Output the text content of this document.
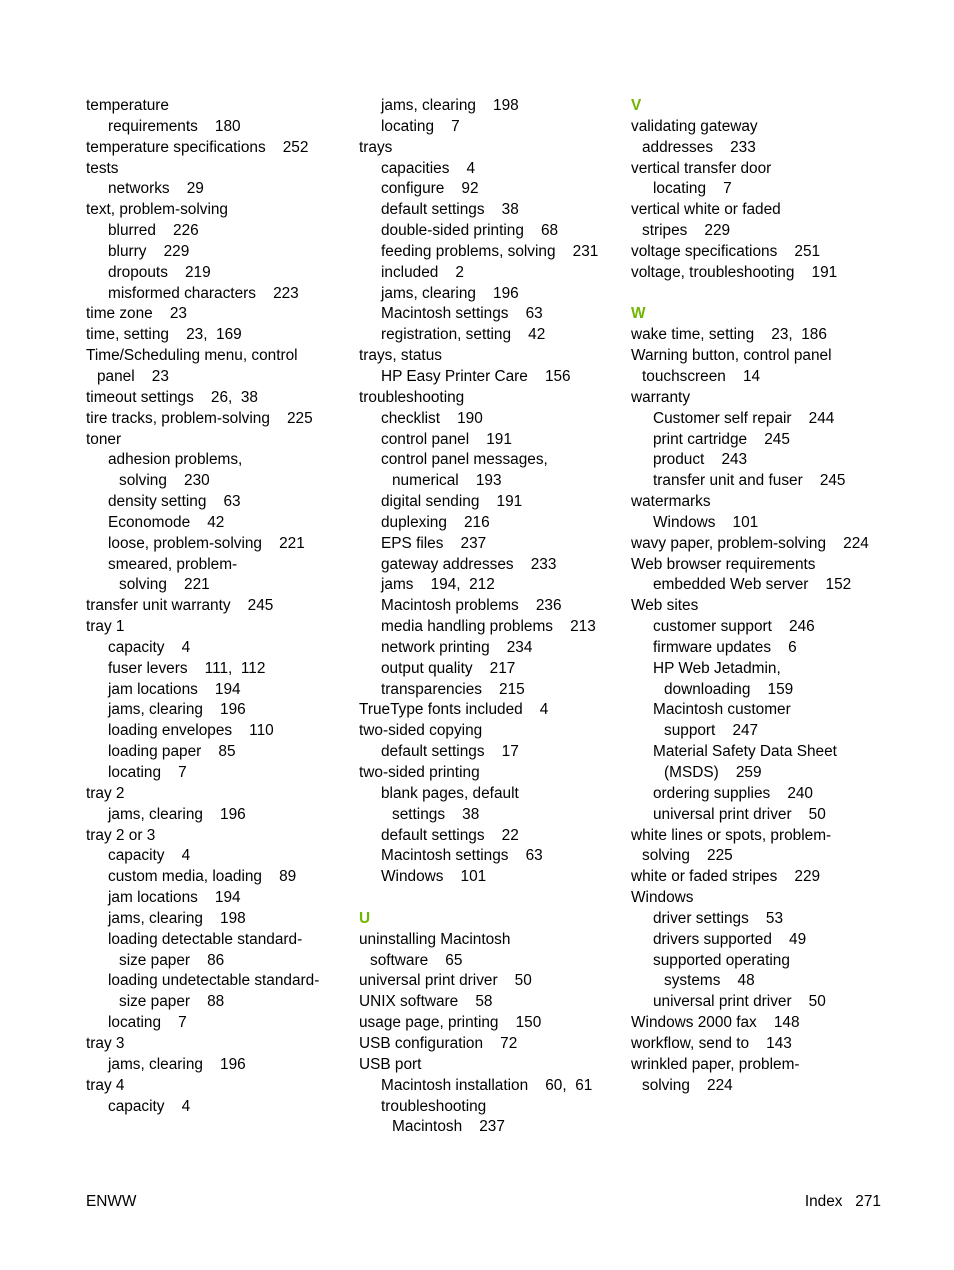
temperature
requirements    180
temperature specifications    252
tests
networks    29
text, problem-solving
blurred    226
blurry    229
dropouts    219
misformed characters    223
time zone    23
time, setting    23,  169
Time/Scheduling menu, control
panel    23
timeout settings    26,  38
tire tracks, problem-solving    225
toner
adhesion problems,
solving    230
density setting    63
Economode    42
loose, problem-solving    221
smeared, problem-
solving    221
transfer unit warranty    245
tray 1
capacity    4
fuser levers    111,  112
jam locations    194
jams, clearing    196
loading envelopes    110
loading paper    85
locating    7
tray 2
jams, clearing    196
tray 2 or 3
capacity    4
custom media, loading    89
jam locations    194
jams, clearing    198
loading detectable standard-
size paper    86
loading undetectable standard-
size paper    88
locating    7
tray 3
jams, clearing    196
tray 4
capacity    4
jams, clearing    198
locating    7
trays
capacities    4
configure    92
default settings    38
double-sided printing    68
feeding problems, solving    231
included    2
jams, clearing    196
Macintosh settings    63
registration, setting    42
trays, status
HP Easy Printer Care    156
troubleshooting
checklist    190
control panel    191
control panel messages,
numerical    193
digital sending    191
duplexing    216
EPS files    237
gateway addresses    233
jams    194,  212
Macintosh problems    236
media handling problems    213
network printing    234
output quality    217
transparencies    215
TrueType fonts included    4
two-sided copying
default settings    17
two-sided printing
blank pages, default
settings    38
default settings    22
Macintosh settings    63
Windows    101
U
uninstalling Macintosh
software    65
universal print driver    50
UNIX software    58
usage page, printing    150
USB configuration    72
USB port
Macintosh installation    60,  61
troubleshooting
Macintosh    237
V
validating gateway
addresses    233
vertical transfer door
locating    7
vertical white or faded
stripes    229
voltage specifications    251
voltage, troubleshooting    191
W
wake time, setting    23,  186
Warning button, control panel
touchscreen    14
warranty
Customer self repair    244
print cartridge    245
product    243
transfer unit and fuser    245
watermarks
Windows    101
wavy paper, problem-solving    224
Web browser requirements
embedded Web server    152
Web sites
customer support    246
firmware updates    6
HP Web Jetadmin,
downloading    159
Macintosh customer
support    247
Material Safety Data Sheet
(MSDS)    259
ordering supplies    240
universal print driver    50
white lines or spots, problem-
solving    225
white or faded stripes    229
Windows
driver settings    53
drivers supported    49
supported operating
systems    48
universal print driver    50
Windows 2000 fax    148
workflow, send to    143
wrinkled paper, problem-
solving    224
ENWW	Index   271
